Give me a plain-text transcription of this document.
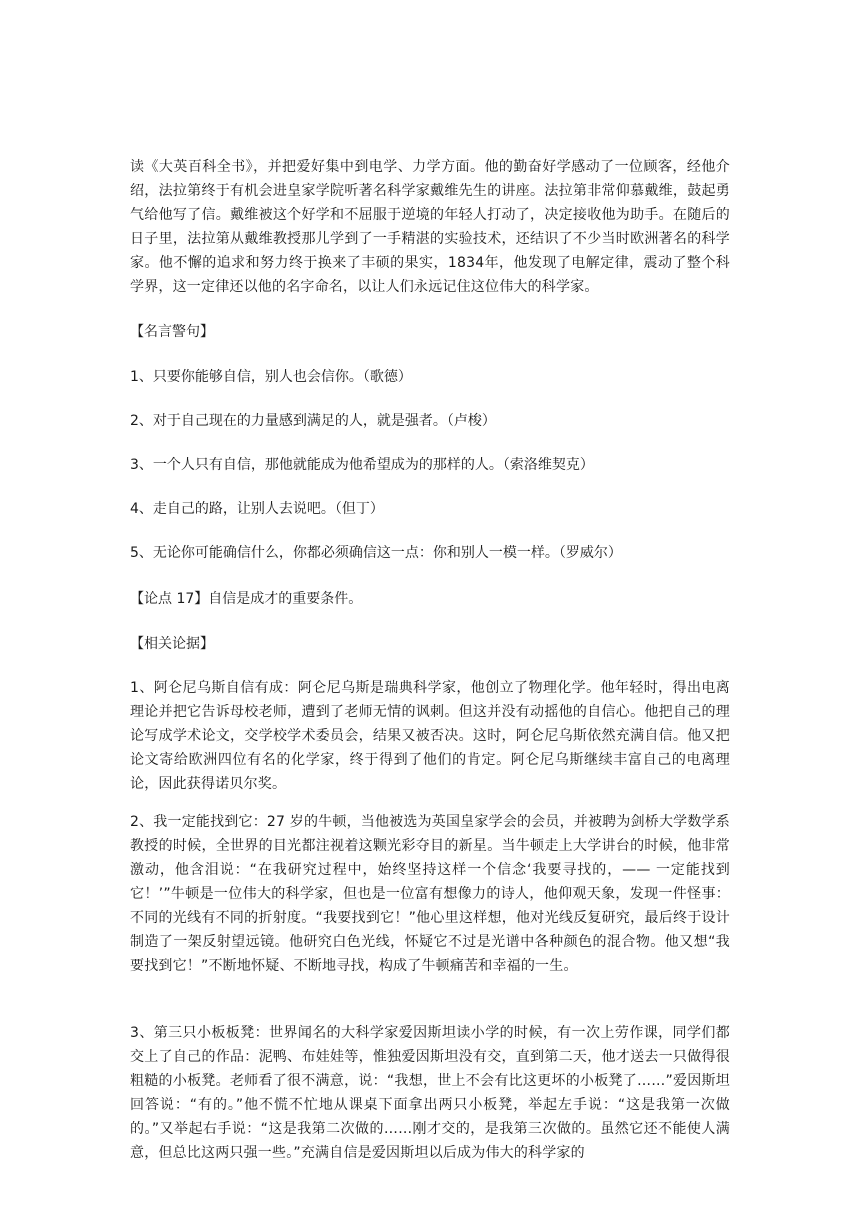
读《大英百科全书》，并把爱好集中到电学、力学方面。他的勤奋好学感动了一位顾客，经他介绍，法拉第终于有机会进皇家学院听著名科学家戴维先生的讲座。法拉第非常仰慕戴维，鼓起勇气给他写了信。戴维被这个好学和不屈服于逆境的年轻人打动了，决定接收他为助手。在随后的日子里，法拉第从戴维教授那儿学到了一手精湛的实验技术，还结识了不少当时欧洲著名的科学家。他不懈的追求和努力终于换来了丰硕的果实，1834年，他发现了电解定律，震动了整个科学界，这一定律还以他的名字命名，以让人们永远记住这位伟大的科学家。

【名言警句】
1、只要你能够自信，别人也会信你。（歌德）
2、对于自己现在的力量感到满足的人，就是强者。（卢梭）
3、一个人只有自信，那他就能成为他希望成为的那样的人。（索洛维契克）
4、走自己的路，让别人去说吧。（但丁）
5、无论你可能确信什么，你都必须确信这一点：你和别人一模一样。（罗威尔）
【论点 17】自信是成才的重要条件。
【相关论据】

1、阿仑尼乌斯自信有成：阿仑尼乌斯是瑞典科学家，他创立了物理化学。他年轻时，得出电离理论并把它告诉母校老师，遭到了老师无情的讽刺。但这并没有动摇他的自信心。他把自己的理论写成学术论文，交学校学术委员会，结果又被否决。这时，阿仑尼乌斯依然充满自信。他又把论文寄给欧洲四位有名的化学家，终于得到了他们的肯定。阿仑尼乌斯继续丰富自己的电离理论，因此获得诺贝尔奖。

2、我一定能找到它：27 岁的牛顿，当他被选为英国皇家学会的会员，并被聘为剑桥大学数学系教授的时候，全世界的目光都注视着这颗光彩夺目的新星。当牛顿走上大学讲台的时候，他非常激动，他含泪说：“在我研究过程中，始终坚持这样一个信念‘我要寻找的，—— 一定能找到它！’”牛顿是一位伟大的科学家，但也是一位富有想像力的诗人，他仰观天象，发现一件怪事：不同的光线有不同的折射度。“我要找到它！”他心里这样想，他对光线反复研究，最后终于设计制造了一架反射望远镜。他研究白色光线，怀疑它不过是光谱中各种颜色的混合物。他又想“我要找到它！”不断地怀疑、不断地寻找，构成了牛顿痛苦和幸福的一生。

3、第三只小板板凳：世界闻名的大科学家爱因斯坦读小学的时候，有一次上劳作课，同学们都交上了自己的作品：泥鸭、布娃娃等，惟独爱因斯坦没有交，直到第二天，他才送去一只做得很粗糙的小板凳。老师看了很不满意，说：“我想，世上不会有比这更坏的小板凳了……”爱因斯坦回答说：“有的。”他不慌不忙地从课桌下面拿出两只小板凳，举起左手说：“这是我第一次做的。”又举起右手说：“这是我第二次做的……刚才交的，是我第三次做的。虽然它还不能使人满意，但总比这两只强一些。”充满自信是爱因斯坦以后成为伟大的科学家的
